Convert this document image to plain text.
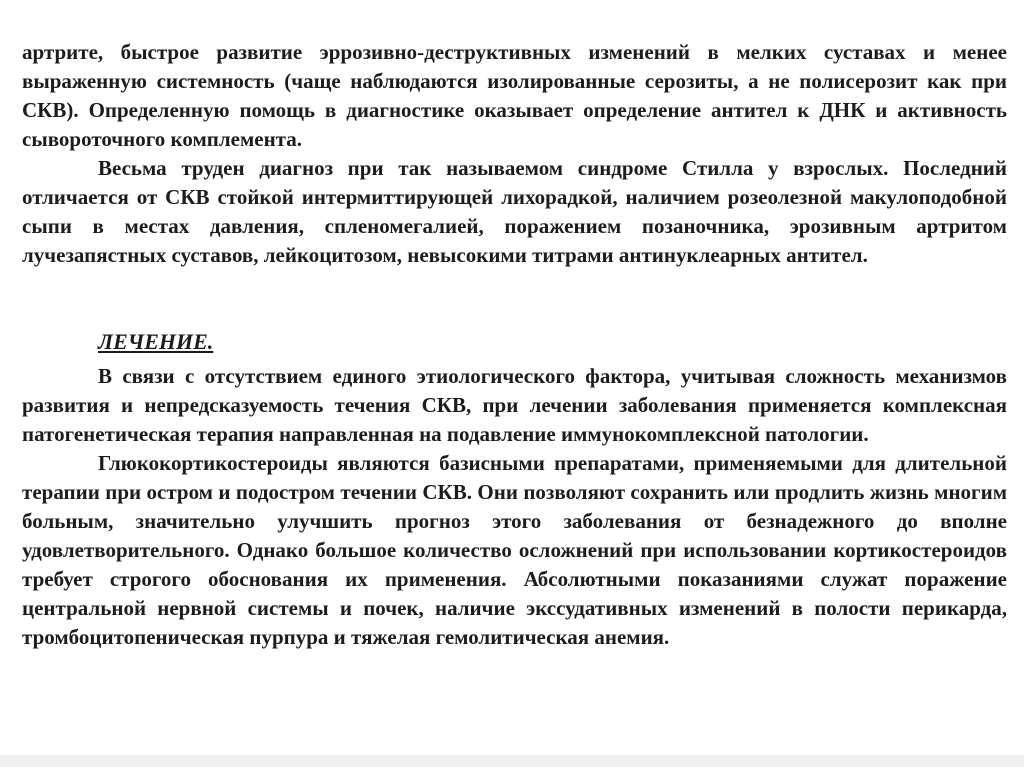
артрите, быстрое развитие эррозивно-деструктивных изменений в мелких суставах и менее выраженную системность (чаще наблюдаются изолированные серозиты, а не полисерозит как при СКВ). Определенную помощь в диагностике оказывает определение антител к ДНК и активность сывороточного комплемента.

Весьма труден диагноз при так называемом синдроме Стилла у взрослых. Последний отличается от СКВ стойкой интермиттирующей лихорадкой, наличием розеолезной макулоподобной сыпи в местах давления, спленомегалией, поражением позаночника, эрозивным артритом лучезапястных суставов, лейкоцитозом, невысокими титрами антинуклеарных антител.

ЛЕЧЕНИЕ.

В связи с отсутствием единого этиологического фактора, учитывая сложность механизмов развития и непредсказуемость течения СКВ, при лечении заболевания применяется комплексная патогенетическая терапия направленная на подавление иммунокомплексной патологии.

Глюкокортикостероиды являются базисными препаратами, применяемыми для длительной терапии при остром и подостром течении СКВ. Они позволяют сохранить или продлить жизнь многим больным, значительно улучшить прогноз этого заболевания от безнадежного до вполне удовлетворительного. Однако большое количество осложнений при использовании кортикостероидов требует строгого обоснования их применения. Абсолютными показаниями служат поражение центральной нервной системы и почек, наличие экссудативных изменений в полости перикарда, тромбоцитопеническая пурпура и тяжелая гемолитическая анемия.
